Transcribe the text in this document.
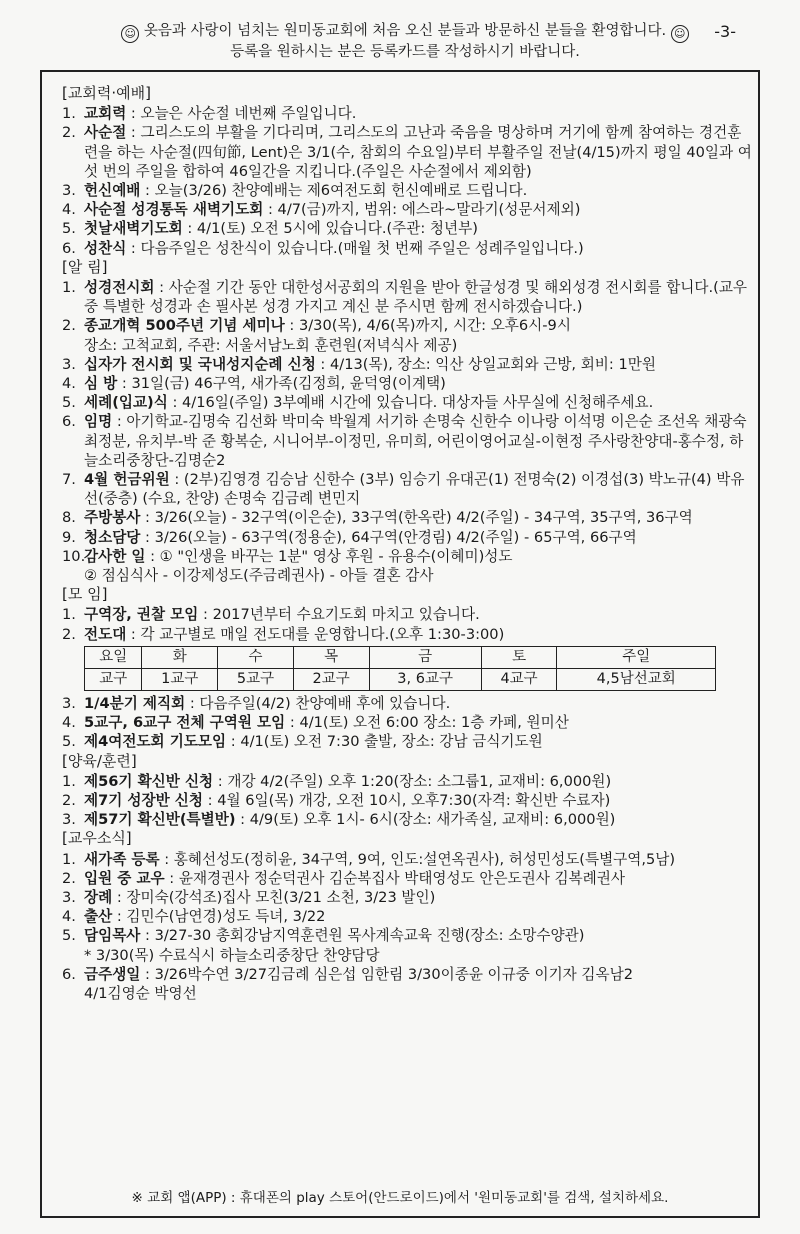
☺ 옷음과 사랑이 넘치는 원미동교회에 처음 오신 분들과 방문하신 분들을 환영합니다. ☺
등록을 원하시는 분은 등록카드를 작성하시기 바랍니다.
-3-
[교회력·예배]
1. 교회력 : 오늘은 사순절 네번째 주일입니다.
2. 사순절 : 그리스도의 부활을 기다리며, 그리스도의 고난과 죽음을 명상하며 거기에 함께 참여하는 경건훈련을 하는 사순절(四旬節, Lent)은 3/1(수, 참회의 수요일)부터 부활주일 전날(4/15)까지 평일 40일과 여섯 번의 주일을 합하여 46일간을 지킵니다.(주일은 사순절에서 제외함)
3. 헌신예배 : 오늘(3/26) 찬양예배는 제6여전도회 헌신예배로 드립니다.
4. 사순절 성경통독 새벽기도회 : 4/7(금)까지, 범위: 에스라~말라기(성문서제외)
5. 첫날새벽기도회 : 4/1(토) 오전 5시에 있습니다.(주관: 청년부)
6. 성찬식 : 다음주일은 성찬식이 있습니다.(매월 첫 번째 주일은 성례주일입니다.)
[알 림]
1. 성경전시회 : 사순절 기간 동안 대한성서공회의 지원을 받아 한글성경 및 해외성경 전시회를 합니다.(교우중 특별한 성경과 손 필사본 성경 가지고 계신 분 주시면 함께 전시하겠습니다.)
2. 종교개혁 500주년 기념 세미나 : 3/30(목), 4/6(목)까지, 시간: 오후6시-9시
장소: 고척교회, 주관: 서울서남노회 훈련원(저녁식사 제공)
3. 십자가 전시회 및 국내성지순례 신청 : 4/13(목), 장소: 익산 상일교회와 근방, 회비: 1만원
4. 심 방 : 31일(금) 46구역, 새가족(김정희, 윤덕영(이계택)
5. 세례(입교)식 : 4/16일(주일) 3부예배 시간에 있습니다. 대상자들 사무실에 신청해주세요.
6. 임명 : 아기학교-김명숙 김선화 박미숙 박월계 서기하 손명숙 신한수 이나랑 이석명 이은순 조선옥 채광숙 최정분, 유치부-박 준 황복순, 시니어부-이정민, 유미희, 어린이영어교실-이현정 주사랑찬양대-홍수정, 하늘소리중창단-김명순2
7. 4월 헌금위원 : (2부)김영경 김승남 신한수 (3부) 임승기 유대곤(1) 전명숙(2) 이경섭(3) 박노규(4) 박유선(중층) (수요, 찬양) 손명숙 김금례 변민지
8. 주방봉사 : 3/26(오늘) - 32구역(이은순), 33구역(한옥란) 4/2(주일) - 34구역, 35구역, 36구역
9. 청소담당 : 3/26(오늘) - 63구역(정용순), 64구역(안경림) 4/2(주일) - 65구역, 66구역
10.
감사한 일 : ① "인생을 바꾸는 1분" 영상 후원 - 유용수(이혜미)성도
② 점심식사 - 이강제성도(주금례권사) - 아들 결혼 감사
[모 임]
1. 구역장, 권찰 모임 : 2017년부터 수요기도회 마치고 있습니다.
2. 전도대 : 각 교구별로 매일 전도대를 운영합니다.(오후 1:30-3:00)
요일	화	수	목	금	토	주일
교구	1교구	5교구	2교구	3, 6교구	4교구	4,5남선교회
3. 1/4분기 제직회 : 다음주일(4/2) 찬양예배 후에 있습니다.
4. 5교구, 6교구 전체 구역원 모임 : 4/1(토) 오전 6:00 장소: 1층 카페, 원미산
5. 제4여전도회 기도모임 : 4/1(토) 오전 7:30 출발, 장소: 강남 금식기도원
[양육/훈련]
1. 제56기 확신반 신청 : 개강 4/2(주일) 오후 1:20(장소: 소그룹1, 교재비: 6,000원)
2. 제7기 성장반 신청 : 4월 6일(목) 개강, 오전 10시, 오후7:30(자격: 확신반 수료자)
3. 제57기 확신반(특별반) : 4/9(토) 오후 1시- 6시(장소: 새가족실, 교재비: 6,000원)
[교우소식]
1. 새가족 등록 : 홍혜선성도(정히윤, 34구역, 9여, 인도:설연옥권사), 허성민성도(특별구역,5남)
2. 입원 중 교우 : 윤재경권사 정순덕권사 김순복집사 박태영성도 안은도권사 김복례권사
3. 장례 : 장미숙(강석조)집사 모친(3/21 소천, 3/23 발인)
4. 출산 : 김민수(남연경)성도 득녀, 3/22
5. 담임목사 : 3/27-30 총회강남지역훈련원 목사계속교육 진행(장소: 소망수양관)
* 3/30(목) 수료식시 하늘소리중창단 찬양담당
6. 금주생일 : 3/26박수연 3/27김금례 심은섭 임한림 3/30이종윤 이규중 이기자 김옥남2
4/1김영순 박영선
※ 교회 앱(APP) : 휴대폰의 play 스토어(안드로이드)에서 '원미동교회'를 검색, 설치하세요.
